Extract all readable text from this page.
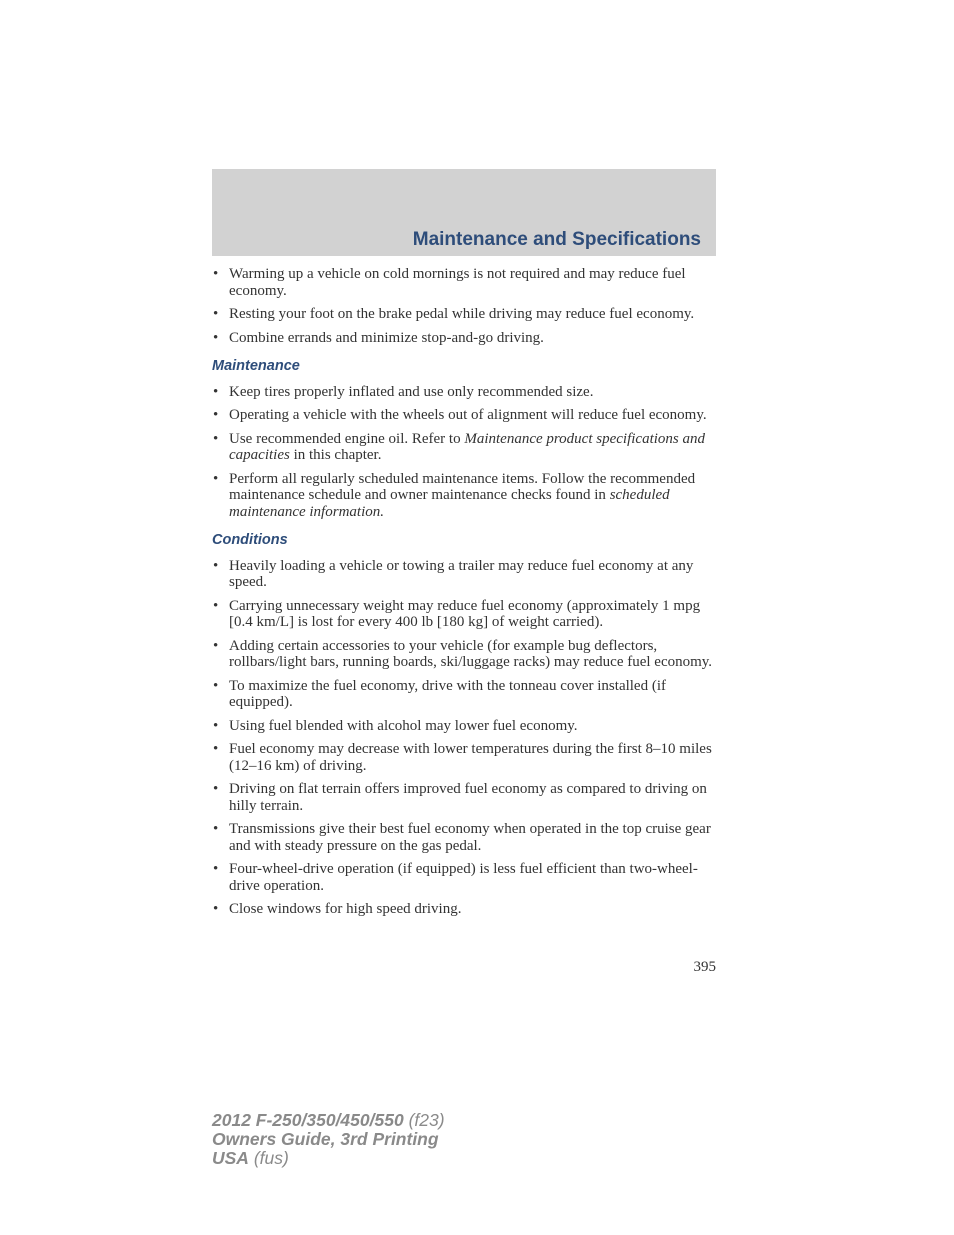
Maintenance and Specifications
• Warming up a vehicle on cold mornings is not required and may reduce fuel economy.
• Resting your foot on the brake pedal while driving may reduce fuel economy.
• Combine errands and minimize stop-and-go driving.
Maintenance
• Keep tires properly inflated and use only recommended size.
• Operating a vehicle with the wheels out of alignment will reduce fuel economy.
• Use recommended engine oil. Refer to Maintenance product specifications and capacities in this chapter.
• Perform all regularly scheduled maintenance items. Follow the recommended maintenance schedule and owner maintenance checks found in scheduled maintenance information.
Conditions
• Heavily loading a vehicle or towing a trailer may reduce fuel economy at any speed.
• Carrying unnecessary weight may reduce fuel economy (approximately 1 mpg [0.4 km/L] is lost for every 400 lb [180 kg] of weight carried).
• Adding certain accessories to your vehicle (for example bug deflectors, rollbars/light bars, running boards, ski/luggage racks) may reduce fuel economy.
• To maximize the fuel economy, drive with the tonneau cover installed (if equipped).
• Using fuel blended with alcohol may lower fuel economy.
• Fuel economy may decrease with lower temperatures during the first 8–10 miles (12–16 km) of driving.
• Driving on flat terrain offers improved fuel economy as compared to driving on hilly terrain.
• Transmissions give their best fuel economy when operated in the top cruise gear and with steady pressure on the gas pedal.
• Four-wheel-drive operation (if equipped) is less fuel efficient than two-wheel-drive operation.
• Close windows for high speed driving.
395
2012 F-250/350/450/550 (f23)
Owners Guide, 3rd Printing
USA (fus)
